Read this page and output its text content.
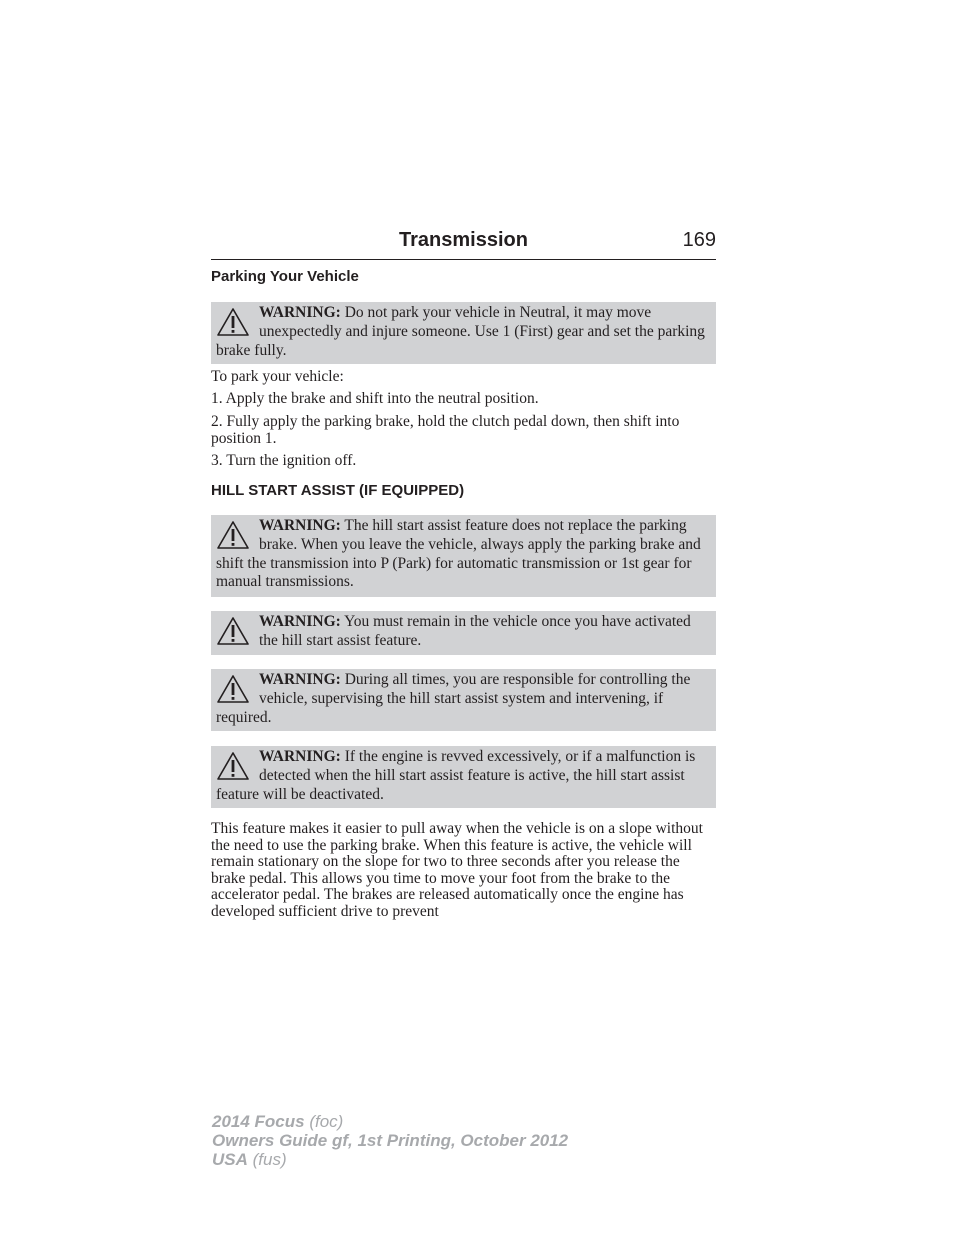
Transmission	169
Parking Your Vehicle
WARNING: Do not park your vehicle in Neutral, it may move unexpectedly and injure someone. Use 1 (First) gear and set the parking brake fully.
To park your vehicle:
1. Apply the brake and shift into the neutral position.
2. Fully apply the parking brake, hold the clutch pedal down, then shift into position 1.
3. Turn the ignition off.
HILL START ASSIST (IF EQUIPPED)
WARNING: The hill start assist feature does not replace the parking brake. When you leave the vehicle, always apply the parking brake and shift the transmission into P (Park) for automatic transmission or 1st gear for manual transmissions.
WARNING: You must remain in the vehicle once you have activated the hill start assist feature.
WARNING: During all times, you are responsible for controlling the vehicle, supervising the hill start assist system and intervening, if required.
WARNING: If the engine is revved excessively, or if a malfunction is detected when the hill start assist feature is active, the hill start assist feature will be deactivated.
This feature makes it easier to pull away when the vehicle is on a slope without the need to use the parking brake. When this feature is active, the vehicle will remain stationary on the slope for two to three seconds after you release the brake pedal. This allows you time to move your foot from the brake to the accelerator pedal. The brakes are released automatically once the engine has developed sufficient drive to prevent
2014 Focus (foc)
Owners Guide gf, 1st Printing, October 2012
USA (fus)
